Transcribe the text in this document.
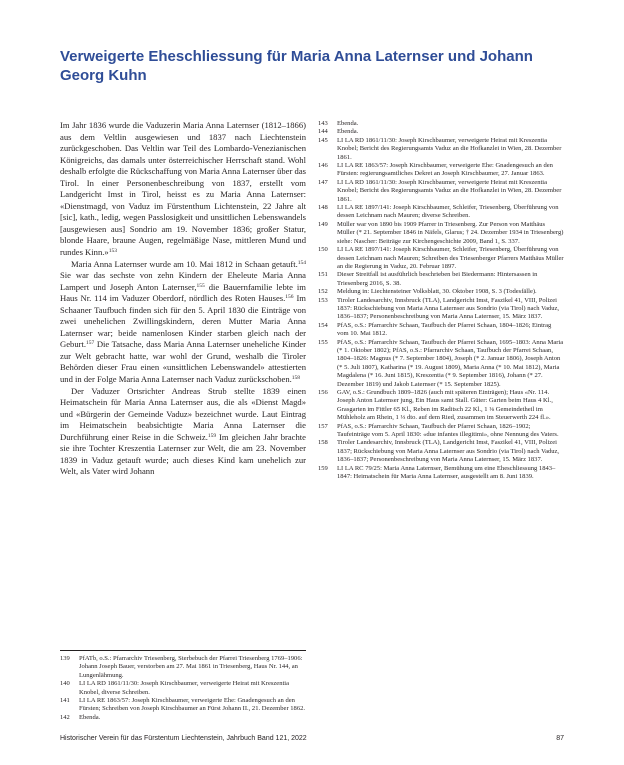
Verweigerte Eheschliessung für Maria Anna Laternser und Johann Georg Kuhn

Im Jahr 1836 wurde die Vaduzerin Maria Anna Laternser (1812–1866) aus dem Veltlin ausgewiesen und 1837 nach Liechtenstein zurückgeschoben. Das Veltlin war Teil des Lombardo-Venezianischen Königreichs, das damals unter österreichischer Herrschaft stand. Wohl deshalb erfolgte die Rückschaffung von Maria Anna Laternser über das Tirol. In einer Personenbeschreibung von 1837, erstellt vom Landgericht Imst in Tirol, heisst es zu Maria Anna Laternser: «Dienstmagd, von Vaduz im Fürstenthum Lichtenstein, 22 Jahre alt [sic], kath., ledig, wegen Passlosigkeit und unsittlichen Lebenswandels [ausgewiesen aus] Sondrio am 19. November 1836; großer Statur, blonde Haare, braune Augen, regelmäßige Nase, mittleren Mund und rundes Kinn.»$^{153}$

Maria Anna Laternser wurde am 10. Mai 1812 in Schaan getauft.$^{154}$ Sie war das sechste von zehn Kindern der Eheleute Maria Anna Lampert und Joseph Anton Laternser,$^{155}$ die Bauernfamilie lebte im Haus Nr. 114 im Vaduzer Oberdorf, nördlich des Roten Hauses.$^{156}$ Im Schaaner Taufbuch finden sich für den 5. April 1830 die Einträge von zwei unehelichen Zwillingskindern, deren Mutter Maria Anna Laternser war; beide namenlosen Kinder starben gleich nach der Geburt.$^{157}$ Die Tatsache, dass Maria Anna Laternser uneheliche Kinder zur Welt gebracht hatte, war wohl der Grund, weshalb die Tiroler Behörden dieser Frau einen «unsittlichen Lebenswandel» attestierten und in der Folge Maria Anna Laternser nach Vaduz zurückschoben.$^{158}$

Der Vaduzer Ortsrichter Andreas Strub stellte 1839 einen Heimatschein für Maria Anna Laternser aus, die als «Dienst Magd» und «Bürgerin der Gemeinde Vaduz» bezeichnet wurde. Laut Eintrag im Heimatschein beabsichtigte Maria Anna Laternser die Durchführung einer Reise in die Schweiz.$^{159}$ Im gleichen Jahr brachte sie ihre Tochter Kreszentia Laternser zur Welt, die am 23. November 1839 in Vaduz getauft wurde; auch dieses Kind kam unehelich zur Welt, als Vater wird Johann

139	PfATb, o.S.: Pfarrarchiv Triesenberg, Sterbebuch der Pfarrei Triesenberg 1769–1906: Johann Joseph Bauer, verstorben am 27. Mai 1861 in Triesenberg, Haus Nr. 144, an Lungenlähmung.
140	LI LA RD 1861/11/30: Joseph Kirschbaumer, verweigerte Heirat mit Kreszentia Knobel, diverse Schreiben.
141	LI LA RE 1863/57: Joseph Kirschbaumer, verweigerte Ehe: Gnadengesuch an den Fürsten; Schreiben von Joseph Kirschbaumer an Fürst Johann II., 21. Dezember 1862.
142	Ebenda.
143	Ebenda.
144	Ebenda.
145	LI LA RD 1861/11/30: Joseph Kirschbaumer, verweigerte Heirat mit Kreszentia Knobel; Bericht des Regierungsamts Vaduz an die Hofkanzlei in Wien, 28. Dezember 1861.
146	LI LA RE 1863/57: Joseph Kirschbaumer, verweigerte Ehe: Gnadengesuch an den Fürsten: regierungsamtliches Dekret an Joseph Kirschbaumer, 27. Januar 1863.
147	LI LA RD 1861/11/30: Joseph Kirschbaumer, verweigerte Heirat mit Kreszentia Knobel; Bericht des Regierungsamts Vaduz an die Hofkanzlei in Wien, 28. Dezember 1861.
148	LI LA RE 1897/141: Joseph Kirschbaumer, Schleifer, Triesenberg, Überführung von dessen Leichnam nach Mauren; diverse Schreiben.
149	Müller war von 1890 bis 1909 Pfarrer in Triesenberg. Zur Person von Matthäus Müller (* 21. September 1846 in Näfels, Glarus; † 24. Dezember 1934 in Triesenberg) siehe: Nascher: Beiträge zur Kirchengeschichte 2009, Band 1, S. 337.
150	LI LA RE 1897/141: Joseph Kirschbaumer, Schleifer, Triesenberg, Überführung von dessen Leichnam nach Mauren; Schreiben des Triesenberger Pfarrers Matthäus Müller an die Regierung in Vaduz, 20. Februar 1897.
151	Dieser Streitfall ist ausführlich beschrieben bei Biedermann: Hintersassen in Triesenberg 2016, S. 38.
152	Meldung in: Liechtensteiner Volksblatt, 30. Oktober 1908, S. 3 (Todesfälle).
153	Tiroler Landesarchiv, Innsbruck (TLA), Landgericht Imst, Faszikel 41, VIII, Polizei 1837: Rückschiebung von Maria Anna Laternser aus Sondrio (via Tirol) nach Vaduz, 1836–1837; Personenbeschreibung von Maria Anna Laternser, 15. März 1837.
154	PfAS, o.S.: Pfarrarchiv Schaan, Taufbuch der Pfarrei Schaan, 1804–1826; Eintrag vom 10. Mai 1812.
155	PfAS, o.S.: Pfarrarchiv Schaan, Taufbuch der Pfarrei Schaan, 1695–1803: Anna Maria (* 1. Oktober 1802); PfAS, o.S.: Pfarrarchiv Schaan, Taufbuch der Pfarrei Schaan, 1804–1826: Magnus (* 7. September 1804), Joseph (* 2. Januar 1806), Joseph Anton (* 5. Juli 1807), Katharina (* 19. August 1809), Maria Anna (* 10. Mai 1812), Maria Magdalena (* 16. Juni 1815), Kreszentia (* 9. September 1816), Johann (* 27. Dezember 1819) und Jakob Laternser (* 15. September 1825).
156	GAV, o.S.: Grundbuch 1809–1826 (auch mit späteren Einträgen); Haus «Nr. 114. Joseph Anton Laternser jung, Ein Haus samt Stall. Güter: Garten beim Haus 4 Kl., Grasgarten im Fittler 65 Kl., Reben im Raditsch 22 Kl., 1 ⅛ Gemeindetheil im Mühleholz am Rhein, 1 ⅓ dto. auf dem Ried, zusammen im Steuerwerth 224 fl.».
157	PfAS, o.S.: Pfarrarchiv Schaan, Taufbuch der Pfarrei Schaan, 1826–1902; Taufeinträge vom 5. April 1830: «due infantes illegitimi», ohne Nennung des Vaters.
158	Tiroler Landesarchiv, Innsbruck (TLA), Landgericht Imst, Faszikel 41, VIII, Polizei 1837; Rückschiebung von Maria Anna Laternser aus Sondrio (via Tirol) nach Vaduz, 1836–1837; Personenbeschreibung von Maria Anna Laternser, 15. März 1837.
159	LI LA RC 79/25: Maria Anna Laternser, Bemühung um eine Eheschliessung 1843–1847: Heimatschein für Maria Anna Laternser, ausgestellt am 8. Juni 1839.
Historischer Verein für das Fürstentum Liechtenstein, Jahrbuch Band 121, 2022	87
